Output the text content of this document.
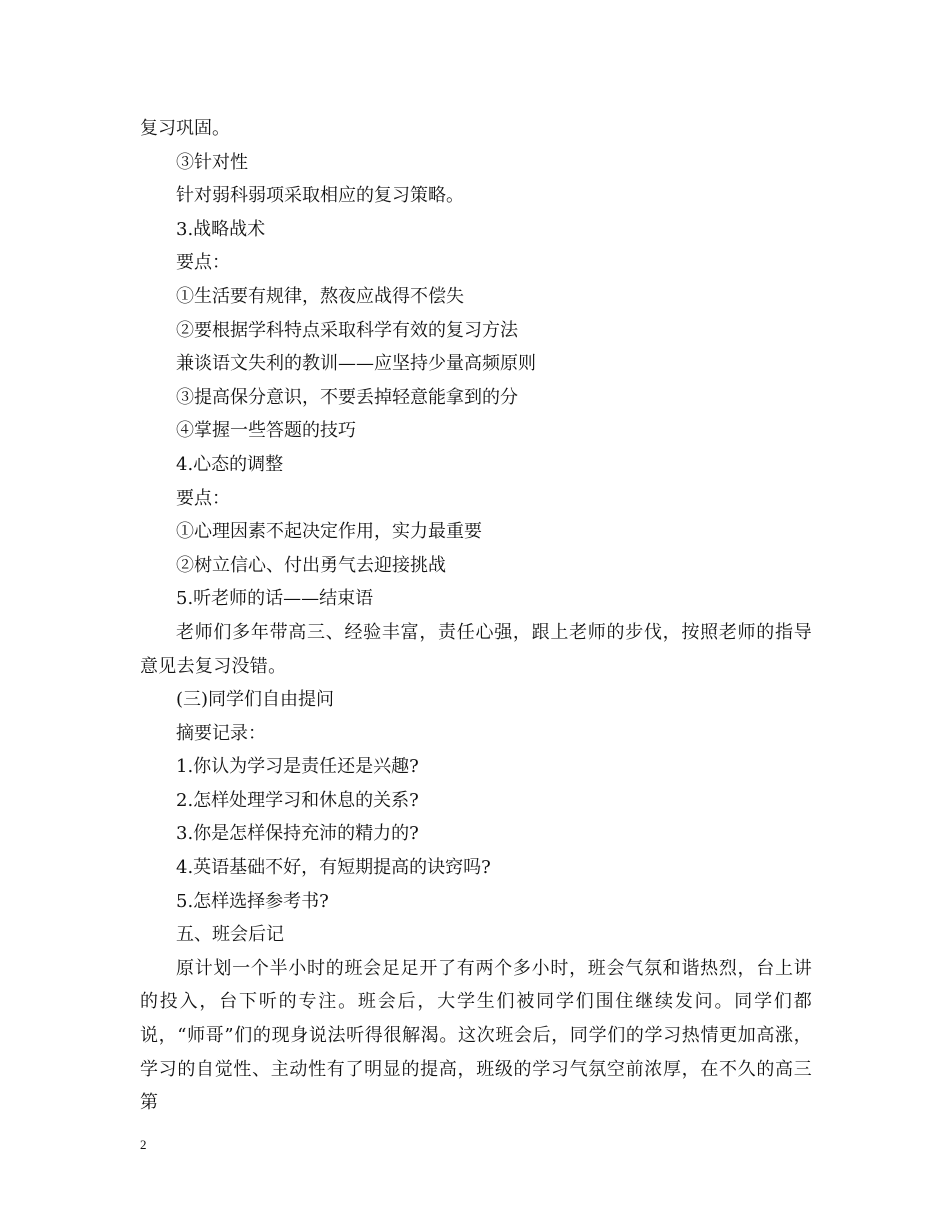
复习巩固。
③针对性
针对弱科弱项采取相应的复习策略。
3.战略战术
要点：
①生活要有规律，熬夜应战得不偿失
②要根据学科特点采取科学有效的复习方法
兼谈语文失利的教训——应坚持少量高频原则
③提高保分意识，不要丢掉轻意能拿到的分
④掌握一些答题的技巧
4.心态的调整
要点：
①心理因素不起决定作用，实力最重要
②树立信心、付出勇气去迎接挑战
5.听老师的话——结束语
老师们多年带高三、经验丰富，责任心强，跟上老师的步伐，按照老师的指导意见去复习没错。
(三)同学们自由提问
摘要记录：
1.你认为学习是责任还是兴趣?
2.怎样处理学习和休息的关系?
3.你是怎样保持充沛的精力的?
4.英语基础不好，有短期提高的诀窍吗?
5.怎样选择参考书?
五、班会后记
原计划一个半小时的班会足足开了有两个多小时，班会气氛和谐热烈，台上讲的投入，台下听的专注。班会后，大学生们被同学们围住继续发问。同学们都说，“师哥”们的现身说法听得很解渴。这次班会后，同学们的学习热情更加高涨，学习的自觉性、主动性有了明显的提高，班级的学习气氛空前浓厚，在不久的高三第
2
